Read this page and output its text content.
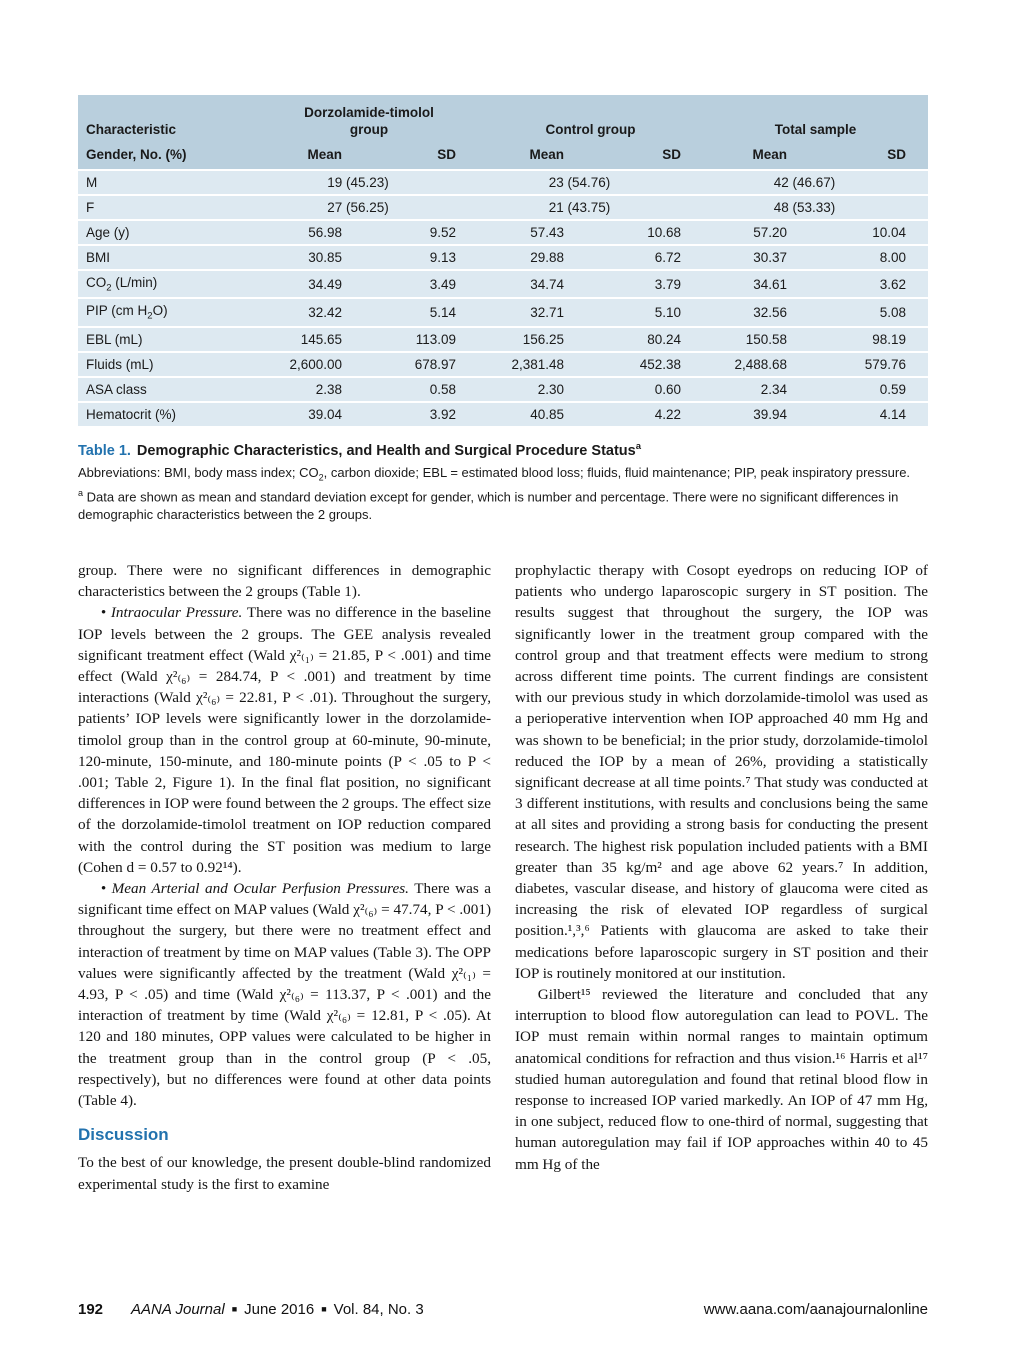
Characteristic	Dorzolamide-timolol group		Control group		Total sample	
Gender, No. (%)	Mean	SD	Mean	SD	Mean	SD
M	19 (45.23)		23 (54.76)		42 (46.67)	
F	27 (56.25)		21 (43.75)		48 (53.33)	
Age (y)	56.98	9.52	57.43	10.68	57.20	10.04
BMI	30.85	9.13	29.88	6.72	30.37	8.00
$CO_2$ (L/min)	34.49	3.49	34.74	3.79	34.61	3.62
PIP (cm $H_2O$)	32.42	5.14	32.71	5.10	32.56	5.08
EBL (mL)	145.65	113.09	156.25	80.24	150.58	98.19
Fluids (mL)	2,600.00	678.97	2,381.48	452.38	2,488.68	579.76
ASA class	2.38	0.58	2.30	0.60	2.34	0.59
Hematocrit (%)	39.04	3.92	40.85	4.22	39.94	4.14
Table 1. Demographic Characteristics, and Health and Surgical Procedure Status$^a$
Abbreviations: BMI, body mass index; $CO_2$, carbon dioxide; EBL = estimated blood loss; fluids, fluid maintenance; PIP, peak inspiratory pressure.
$^a$ Data are shown as mean and standard deviation except for gender, which is number and percentage. There were no significant differences in demographic characteristics between the 2 groups.

group. There were no significant differences in demographic characteristics between the 2 groups (Table 1).

• Intraocular Pressure. There was no difference in the baseline IOP levels between the 2 groups. The GEE analysis revealed significant treatment effect (Wald χ²₍₁₎ = 21.85, P < .001) and time effect (Wald χ²₍₆₎ = 284.74, P < .001) and treatment by time interactions (Wald χ²₍₆₎ = 22.81, P < .01). Throughout the surgery, patients’ IOP levels were significantly lower in the dorzolamide-timolol group than in the control group at 60-minute, 90-minute, 120-minute, 150-minute, and 180-minute points (P < .05 to P < .001; Table 2, Figure 1). In the final flat position, no significant differences in IOP were found between the 2 groups. The effect size of the dorzolamide-timolol treatment on IOP reduction compared with the control during the ST position was medium to large (Cohen d = 0.57 to 0.92¹⁴).

• Mean Arterial and Ocular Perfusion Pressures. There was a significant time effect on MAP values (Wald χ²₍₆₎ = 47.74, P < .001) throughout the surgery, but there were no treatment effect and interaction of treatment by time on MAP values (Table 3). The OPP values were significantly affected by the treatment (Wald χ²₍₁₎ = 4.93, P < .05) and time (Wald χ²₍₆₎ = 113.37, P < .001) and the interaction of treatment by time (Wald χ²₍₆₎ = 12.81, P < .05). At 120 and 180 minutes, OPP values were calculated to be higher in the treatment group than in the control group (P < .05, respectively), but no differences were found at other data points (Table 4).

Discussion

To the best of our knowledge, the present double-blind randomized experimental study is the first to examine

prophylactic therapy with Cosopt eyedrops on reducing IOP of patients who undergo laparoscopic surgery in ST position. The results suggest that throughout the surgery, the IOP was significantly lower in the treatment group compared with the control group and that treatment effects were medium to strong across different time points. The current findings are consistent with our previous study in which dorzolamide-timolol was used as a perioperative intervention when IOP approached 40 mm Hg and was shown to be beneficial; in the prior study, dorzolamide-timolol reduced the IOP by a mean of 26%, providing a statistically significant decrease at all time points.⁷ That study was conducted at 3 different institutions, with results and conclusions being the same at all sites and providing a strong basis for conducting the present research. The highest risk population included patients with a BMI greater than 35 kg/m² and age above 62 years.⁷ In addition, diabetes, vascular disease, and history of glaucoma were cited as increasing the risk of elevated IOP regardless of surgical position.¹,³,⁶ Patients with glaucoma are asked to take their medications before laparoscopic surgery in ST position and their IOP is routinely monitored at our institution.

Gilbert¹⁵ reviewed the literature and concluded that any interruption to blood flow autoregulation can lead to POVL. The IOP must remain within normal ranges to maintain optimum anatomical conditions for refraction and thus vision.¹⁶ Harris et al¹⁷ studied human autoregulation and found that retinal blood flow in response to increased IOP varied markedly. An IOP of 47 mm Hg, in one subject, reduced flow to one-third of normal, suggesting that human autoregulation may fail if IOP approaches within 40 to 45 mm Hg of the

192 AANA Journal ■ June 2016 ■ Vol. 84, No. 3	www.aana.com/aanajournalonline
